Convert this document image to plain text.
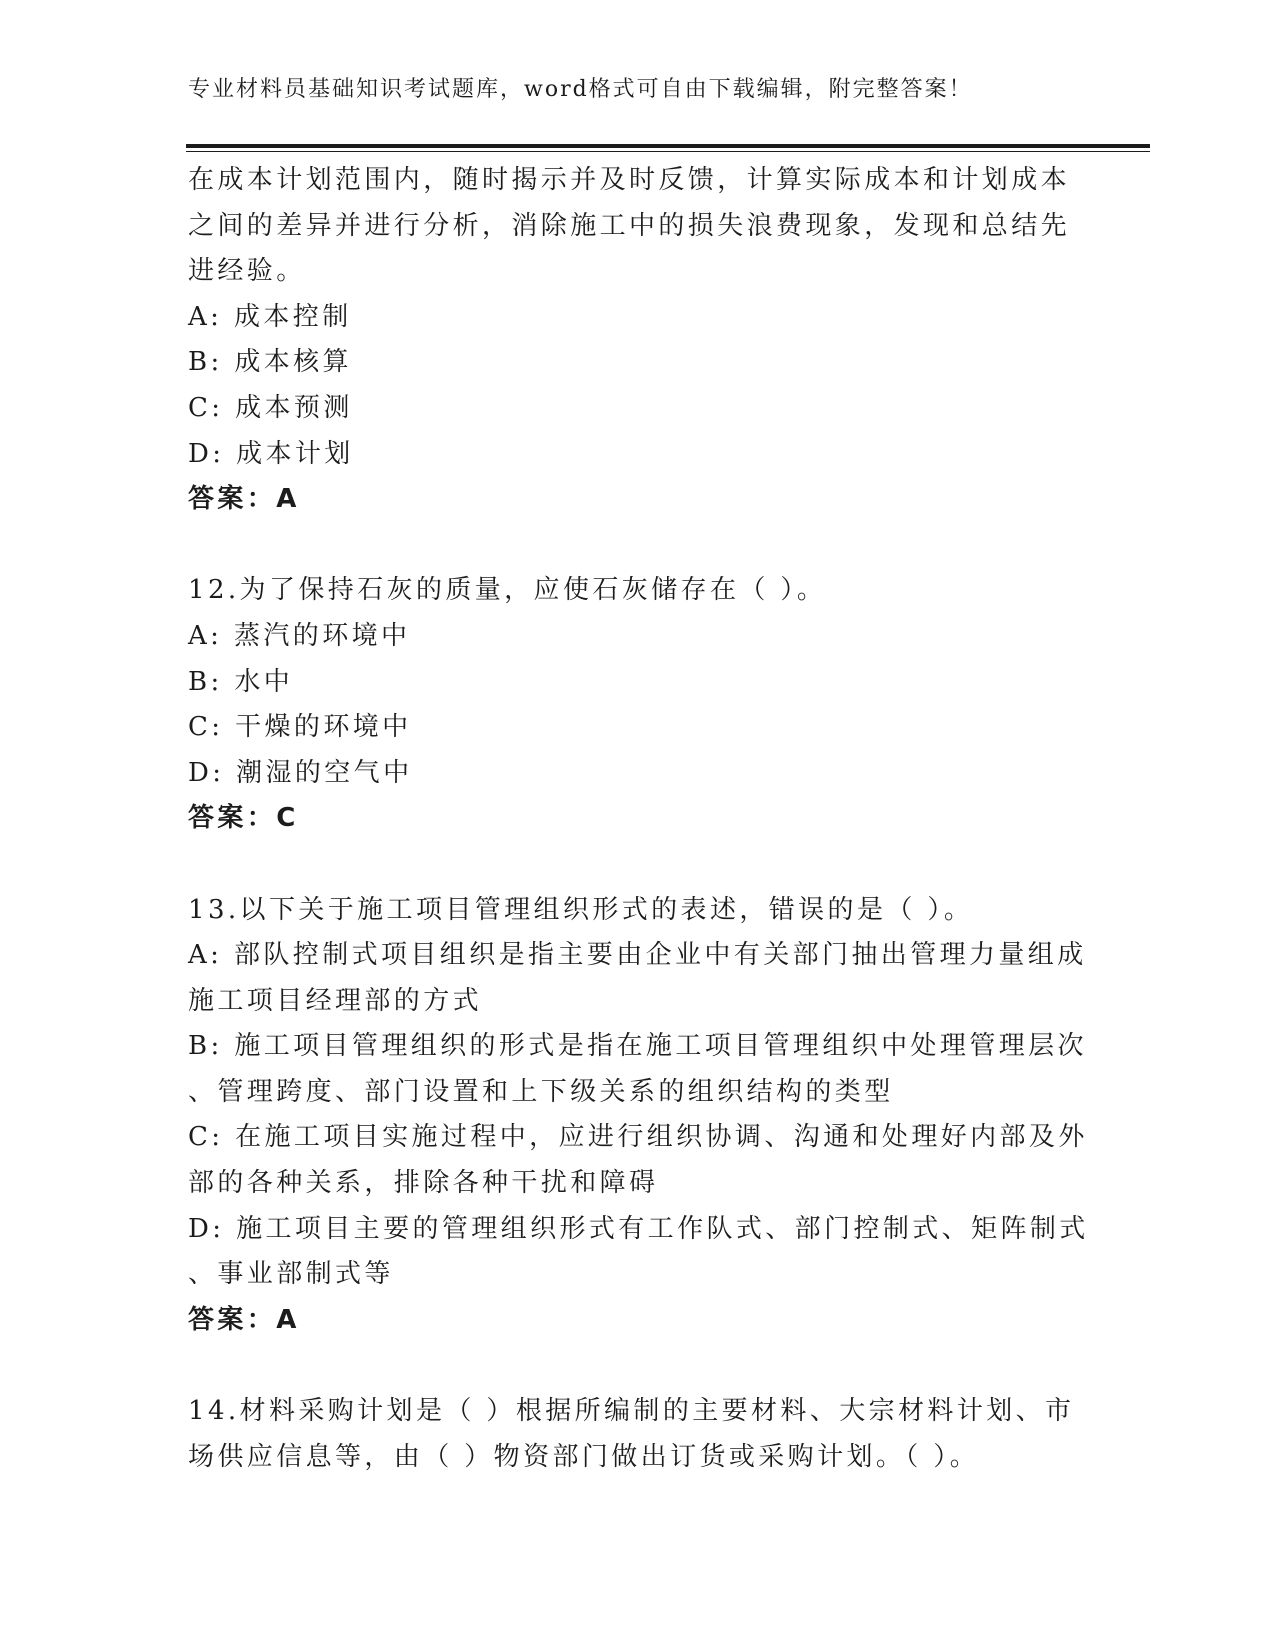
专业材料员基础知识考试题库，word格式可自由下载编辑，附完整答案！
在成本计划范围内，随时揭示并及时反馈，计算实际成本和计划成本
之间的差异并进行分析，消除施工中的损失浪费现象，发现和总结先
进经验。
A: 成本控制
B: 成本核算
C: 成本预测
D: 成本计划
答案：A
12.为了保持石灰的质量，应使石灰储存在（ ）。
A: 蒸汽的环境中
B: 水中
C: 干燥的环境中
D: 潮湿的空气中
答案：C
13.以下关于施工项目管理组织形式的表述，错误的是（ ）。
A: 部队控制式项目组织是指主要由企业中有关部门抽出管理力量组成
施工项目经理部的方式
B: 施工项目管理组织的形式是指在施工项目管理组织中处理管理层次
、管理跨度、部门设置和上下级关系的组织结构的类型
C: 在施工项目实施过程中，应进行组织协调、沟通和处理好内部及外
部的各种关系，排除各种干扰和障碍
D: 施工项目主要的管理组织形式有工作队式、部门控制式、矩阵制式
、事业部制式等
答案：A
14.材料采购计划是（ ）根据所编制的主要材料、大宗材料计划、市
场供应信息等，由（ ）物资部门做出订货或采购计划。（ ）。
